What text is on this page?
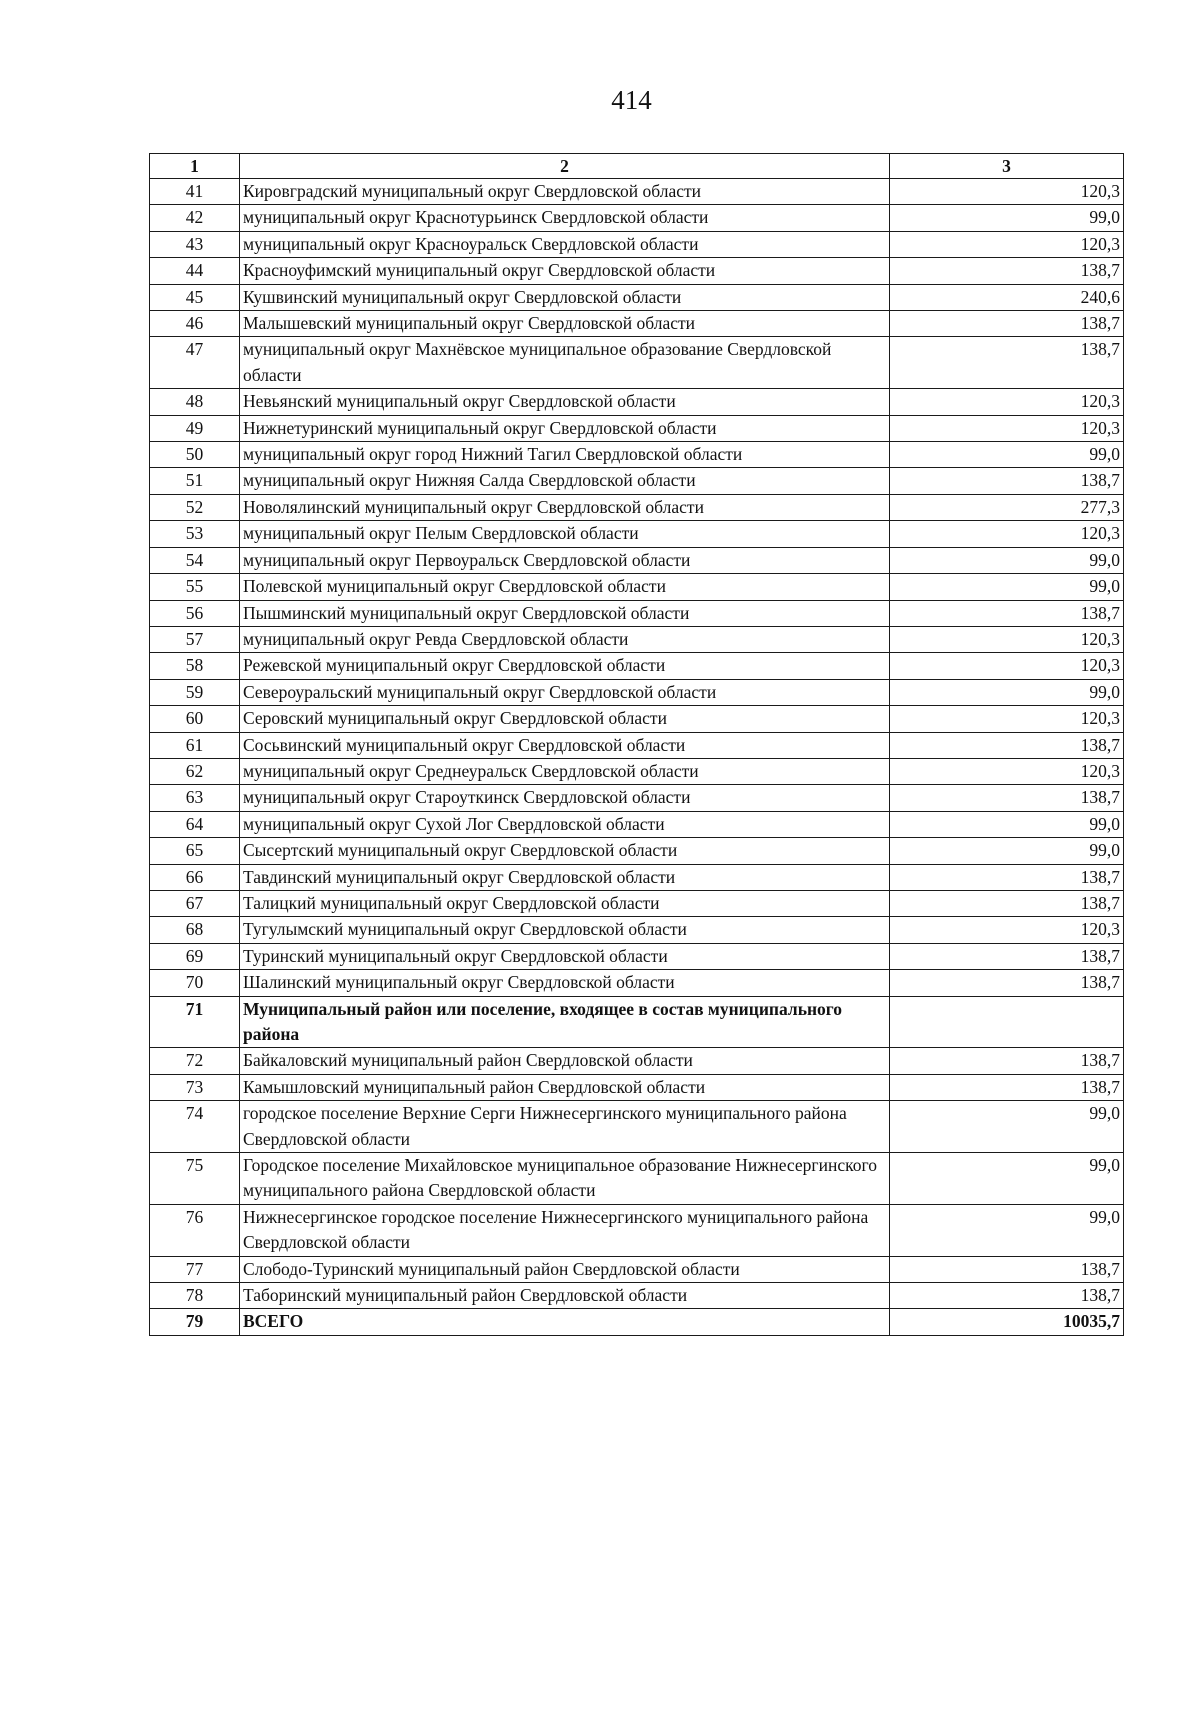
414
1	2	3
41	Кировградский муниципальный округ Свердловской области	120,3
42	муниципальный округ Краснотурьинск Свердловской области	99,0
43	муниципальный округ Красноуральск Свердловской области	120,3
44	Красноуфимский муниципальный округ Свердловской области	138,7
45	Кушвинский муниципальный округ Свердловской области	240,6
46	Малышевский муниципальный округ Свердловской области	138,7
47	муниципальный округ Махнёвское муниципальное образование Свердловской области	138,7
48	Невьянский муниципальный округ Свердловской области	120,3
49	Нижнетуринский муниципальный округ Свердловской области	120,3
50	муниципальный округ город Нижний Тагил Свердловской области	99,0
51	муниципальный округ Нижняя Салда Свердловской области	138,7
52	Новолялинский муниципальный округ Свердловской области	277,3
53	муниципальный округ Пелым Свердловской области	120,3
54	муниципальный округ Первоуральск Свердловской области	99,0
55	Полевской муниципальный округ Свердловской области	99,0
56	Пышминский муниципальный округ Свердловской области	138,7
57	муниципальный округ Ревда Свердловской области	120,3
58	Режевской муниципальный округ Свердловской области	120,3
59	Североуральский муниципальный округ Свердловской области	99,0
60	Серовский муниципальный округ Свердловской области	120,3
61	Сосьвинский муниципальный округ Свердловской области	138,7
62	муниципальный округ Среднеуральск Свердловской области	120,3
63	муниципальный округ Староуткинск Свердловской области	138,7
64	муниципальный округ Сухой Лог Свердловской области	99,0
65	Сысертский муниципальный округ Свердловской области	99,0
66	Тавдинский муниципальный округ Свердловской области	138,7
67	Талицкий муниципальный округ Свердловской области	138,7
68	Тугулымский муниципальный округ Свердловской области	120,3
69	Туринский муниципальный округ Свердловской области	138,7
70	Шалинский муниципальный округ Свердловской области	138,7
71	Муниципальный район или поселение, входящее в состав муниципального района	
72	Байкаловский муниципальный район Свердловской области	138,7
73	Камышловский муниципальный район Свердловской области	138,7
74	городское поселение Верхние Серги Нижнесергинского муниципального района Свердловской области	99,0
75	Городское поселение Михайловское муниципальное образование Нижнесергинского муниципального района Свердловской области	99,0
76	Нижнесергинское городское поселение Нижнесергинского муниципального района Свердловской области	99,0
77	Слободо-Туринский муниципальный район Свердловской области	138,7
78	Таборинский муниципальный район Свердловской области	138,7
79	ВСЕГО	10035,7
